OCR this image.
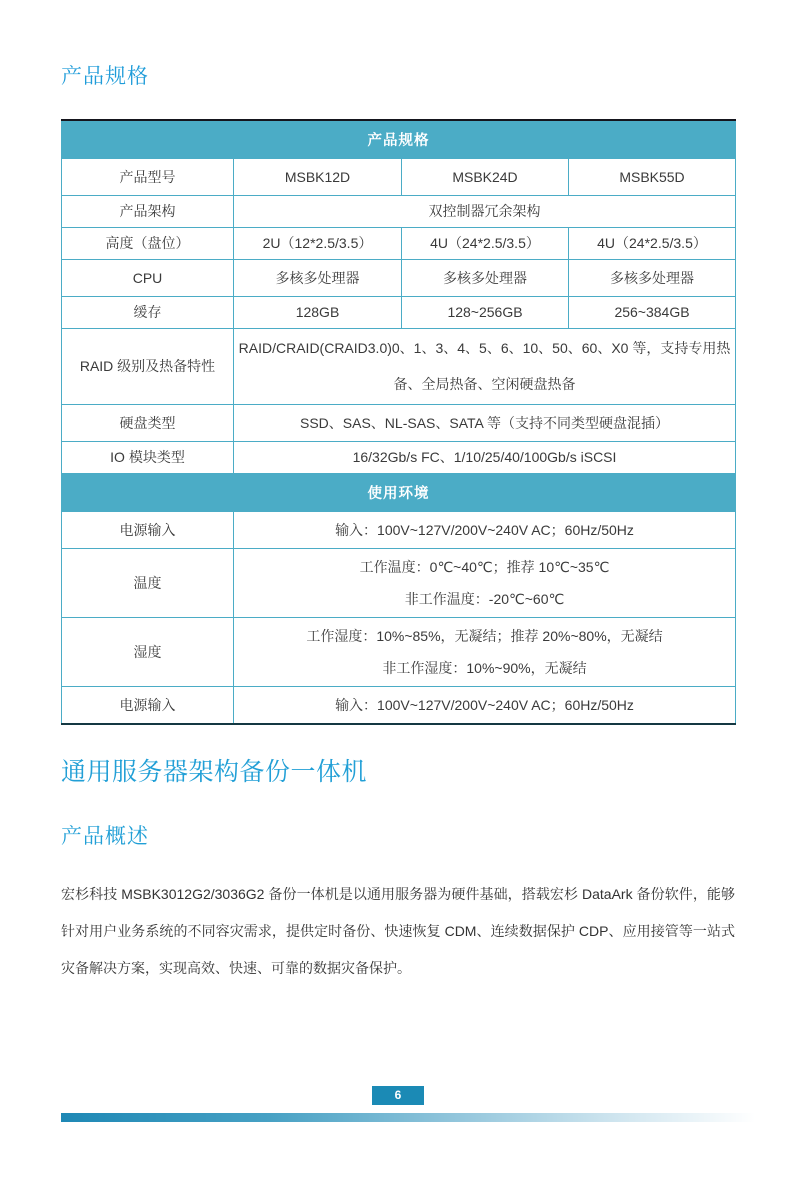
产品规格
产品规格			
产品型号	MSBK12D	MSBK24D	MSBK55D
产品架构	双控制器冗余架构		
高度（盘位）	2U（12*2.5/3.5）	4U（24*2.5/3.5）	4U（24*2.5/3.5）
CPU	多核多处理器	多核多处理器	多核多处理器
缓存	128GB	128~256GB	256~384GB
RAID 级别及热备特性	RAID/CRAID(CRAID3.0)0、1、3、4、5、6、10、50、60、X0 等，支持专用热备、全局热备、空闲硬盘热备		
硬盘类型	SSD、SAS、NL-SAS、SATA 等（支持不同类型硬盘混插）		
IO 模块类型	16/32Gb/s FC、1/10/25/40/100Gb/s iSCSI		
使用环境			
电源输入	输入：100V~127V/200V~240V AC；60Hz/50Hz		

温度	工作温度：0℃~40℃；推荐 10℃~35℃
非工作温度：-20℃~60℃		

湿度	工作湿度：10%~85%，无凝结；推荐 20%~80%，无凝结
非工作湿度：10%~90%，无凝结		

电源输入	输入：100V~127V/200V~240V AC；60Hz/50Hz		
通用服务器架构备份一体机
产品概述

宏杉科技 MSBK3012G2/3036G2 备份一体机是以通用服务器为硬件基础，搭载宏杉 DataArk 备份软件，能够针对用户业务系统的不同容灾需求，提供定时备份、快速恢复 CDM、连续数据保护 CDP、应用接管等一站式灾备解决方案，实现高效、快速、可靠的数据灾备保护。

6
